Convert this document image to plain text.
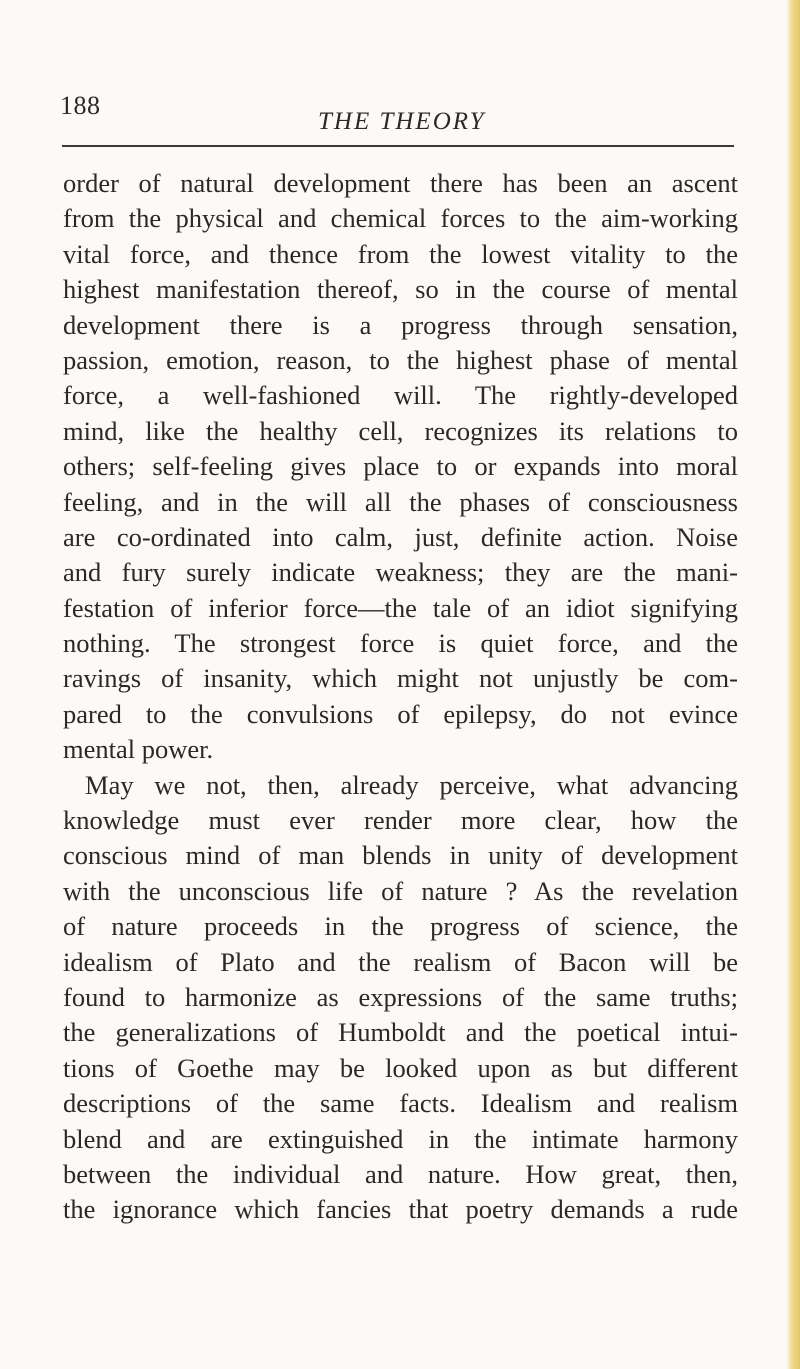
188
THE THEORY
order of natural development there has been an ascent
from the physical and chemical forces to the aim-working
vital force, and thence from the lowest vitality to the
highest manifestation thereof, so in the course of mental
development there is a progress through sensation,
passion, emotion, reason, to the highest phase of mental
force, a well-fashioned will. The rightly-developed
mind, like the healthy cell, recognizes its relations to
others; self-feeling gives place to or expands into moral
feeling, and in the will all the phases of consciousness
are co-ordinated into calm, just, definite action. Noise
and fury surely indicate weakness; they are the mani-
festation of inferior force—the tale of an idiot signifying
nothing. The strongest force is quiet force, and the
ravings of insanity, which might not unjustly be com-
pared to the convulsions of epilepsy, do not evince
mental power.
May we not, then, already perceive, what advancing
knowledge must ever render more clear, how the
conscious mind of man blends in unity of development
with the unconscious life of nature ? As the revelation
of nature proceeds in the progress of science, the
idealism of Plato and the realism of Bacon will be
found to harmonize as expressions of the same truths;
the generalizations of Humboldt and the poetical intui-
tions of Goethe may be looked upon as but different
descriptions of the same facts. Idealism and realism
blend and are extinguished in the intimate harmony
between the individual and nature. How great, then,
the ignorance which fancies that poetry demands a rude
